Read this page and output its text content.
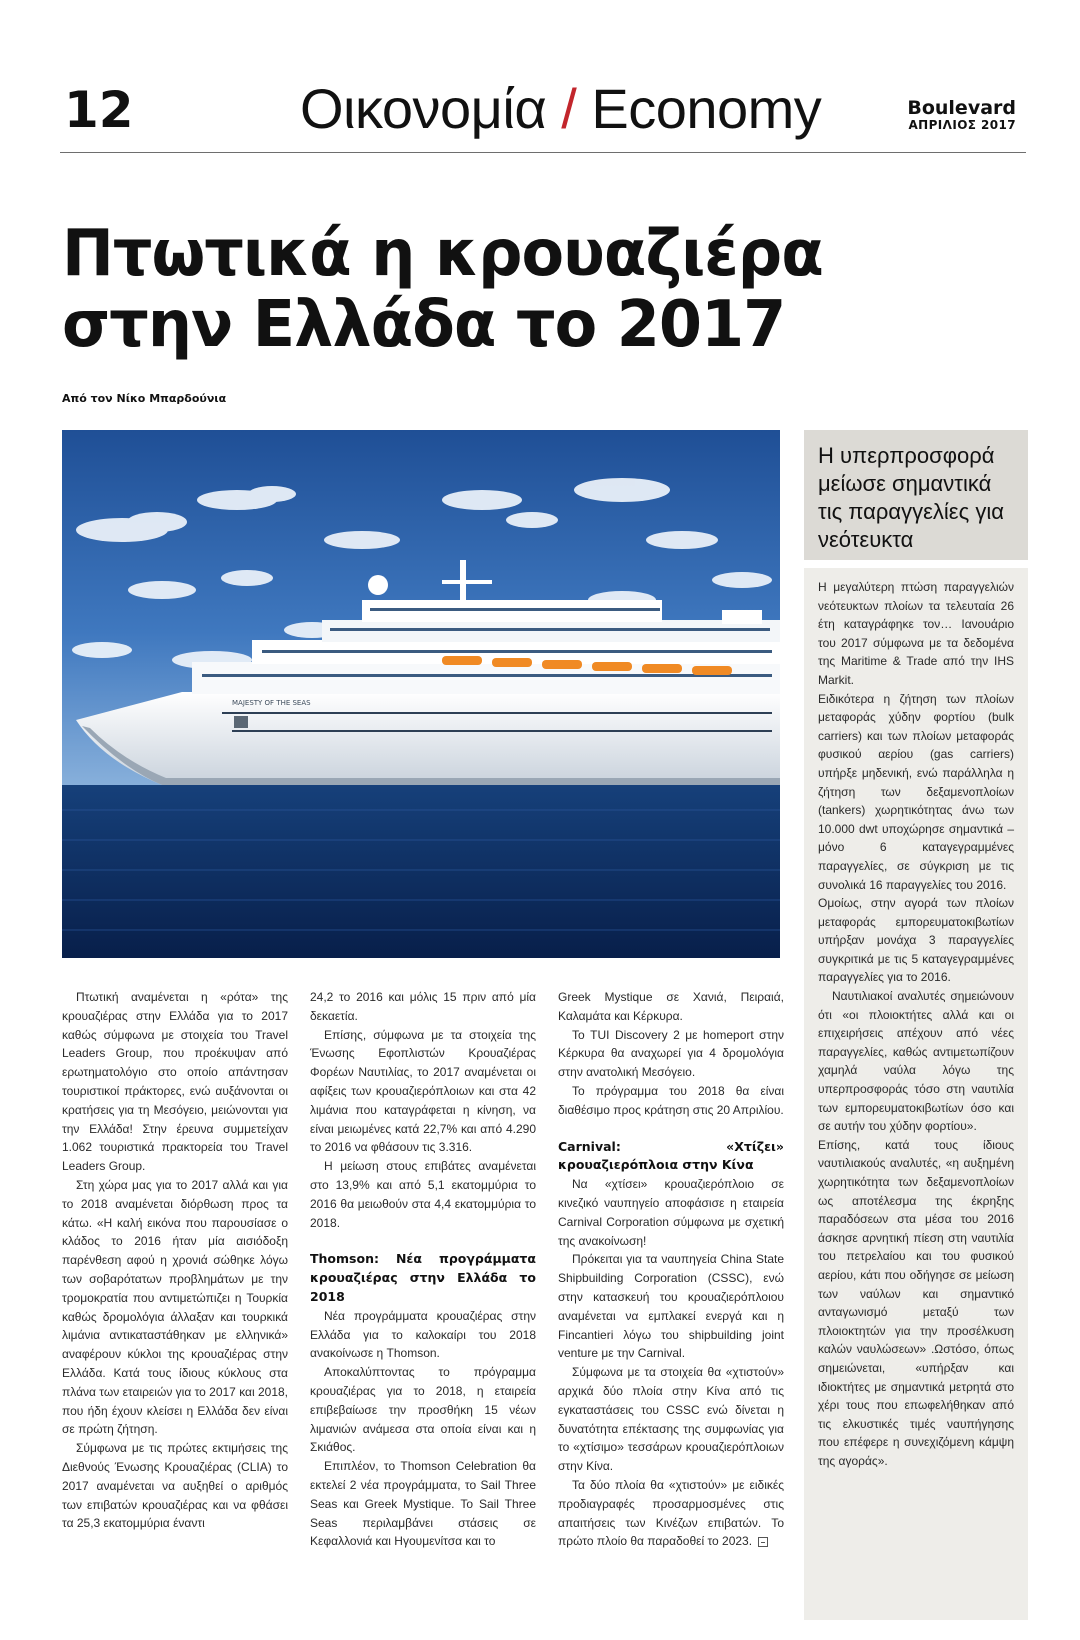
12	Οικονομία / Economy	Boulevard
ΑΠΡΙΛΙΟΣ 2017
Πτωτικά η κρουαζιέρα
στην Ελλάδα το 2017
Από τον Νίκο Μπαρδούνια
MAJESTY OF THE SEAS
Η υπερπροσφορά μείωσε σημαντικά τις παραγγελίες για νεότευκτα

Η μεγαλύτερη πτώση παραγγελιών νεότευκτων πλοίων τα τελευταία 26 έτη καταγράφηκε τον… Ιανουάριο του 2017 σύμφωνα με τα δεδομένα της Maritime & Trade από την IHS Markit.

Ειδικότερα η ζήτηση των πλοίων μεταφοράς χύδην φορτίου (bulk carriers) και των πλοίων μεταφοράς φυσικού αερίου (gas carriers) υπήρξε μηδενική, ενώ παράλληλα η ζήτηση των δεξαμενοπλοίων (tankers) χωρητικότητας άνω των 10.000 dwt υποχώρησε σημαντικά – μόνο 6 καταγεγραμμένες παραγγελίες, σε σύγκριση με τις συνολικά 16 παραγγελίες του 2016.

Ομοίως, στην αγορά των πλοίων μεταφοράς εμπορευματοκιβωτίων υπήρξαν μονάχα 3 παραγγελίες συγκριτικά με τις 5 καταγεγραμμένες παραγγελίες για το 2016.

Ναυτιλιακοί αναλυτές σημειώνουν ότι «οι πλοιοκτήτες αλλά και οι επιχειρήσεις απέχουν από νέες παραγγελίες, καθώς αντιμετωπίζουν χαμηλά ναύλα λόγω της υπερπροσφοράς τόσο στη ναυτιλία των εμπορευματοκιβωτίων όσο και σε αυτήν του χύδην φορτίου».

Επίσης, κατά τους ίδιους ναυτιλιακούς αναλυτές, «η αυξημένη χωρητικότητα των δεξαμενοπλοίων ως αποτέλεσμα της έκρηξης παραδόσεων στα μέσα του 2016 άσκησε αρνητική πίεση στη ναυτιλία του πετρελαίου και του φυσικού αερίου, κάτι που οδήγησε σε μείωση των ναύλων και σημαντικό ανταγωνισμό μεταξύ των πλοιοκτητών για την προσέλκυση καλών ναυλώσεων» .Ωστόσο, όπως σημειώνεται, «υπήρξαν και ιδιοκτήτες με σημαντικά μετρητά στο χέρι τους που επωφελήθηκαν από τις ελκυστικές τιμές ναυπήγησης που επέφερε η συνεχιζόμενη κάμψη της αγοράς».

Πτωτική αναμένεται η «ρότα» της κρουαζιέρας στην Ελλάδα για το 2017 καθώς σύμφωνα με στοιχεία του Travel Leaders Group, που προέκυψαν από ερωτηματολόγιο στο οποίο απάντησαν τουριστικοί πράκτορες, ενώ αυξάνονται οι κρατήσεις για τη Μεσόγειο, μειώνονται για την Ελλάδα! Στην έρευνα συμμετείχαν 1.062 τουριστικά πρακτορεία του Travel Leaders Group.

Στη χώρα μας για το 2017 αλλά και για το 2018 αναμένεται διόρθωση προς τα κάτω. «Η καλή εικόνα που παρουσίασε ο κλάδος το 2016 ήταν μία αισιόδοξη παρένθεση αφού η χρονιά σώθηκε λόγω των σοβαρότατων προβλημάτων με την τρομοκρατία που αντιμετώπιζει η Τουρκία καθώς δρομολόγια άλλαξαν και τουρκικά λιμάνια αντικαταστάθηκαν με ελληνικά» αναφέρουν κύκλοι της κρουαζιέρας στην Ελλάδα. Κατά τους ίδιους κύκλους στα πλάνα των εταιρειών για το 2017 και 2018, που ήδη έχουν κλείσει η Ελλάδα δεν είναι σε πρώτη ζήτηση.

Σύμφωνα με τις πρώτες εκτιμήσεις της Διεθνούς Ένωσης Κρουαζιέρας (CLIA) το 2017 αναμένεται να αυξηθεί ο αριθμός των επιβατών κρουαζιέρας και να φθάσει τα 25,3 εκατομμύρια έναντι

24,2 το 2016 και μόλις 15 πριν από μία δεκαετία.

Επίσης, σύμφωνα με τα στοιχεία της Ένωσης Εφοπλιστών Κρουαζιέρας Φορέων Ναυτιλίας, το 2017 αναμένεται οι αφίξεις των κρουαζιερόπλοιων και στα 42 λιμάνια που καταγράφεται η κίνηση, να είναι μειωμένες κατά 22,7% και από 4.290 το 2016 να φθάσουν τις 3.316.

Η μείωση στους επιβάτες αναμένεται στο 13,9% και από 5,1 εκατομμύρια το 2016 θα μειωθούν στα 4,4 εκατομμύρια το 2018.

Thomson: Νέα προγράμματα κρουαζιέρας στην Ελλάδα το 2018

Νέα προγράμματα κρουαζιέρας στην Ελλάδα για το καλοκαίρι του 2018 ανακοίνωσε η Thomson.

Αποκαλύπτοντας το πρόγραμμα κρουαζιέρας για το 2018, η εταιρεία επιβεβαίωσε την προσθήκη 15 νέων λιμανιών ανάμεσα στα οποία είναι και η Σκιάθος.

Επιπλέον, το Thomson Celebration θα εκτελεί 2 νέα προγράμματα, το Sail Three Seas και Greek Mystique. Το Sail Three Seas περιλαμβάνει στάσεις σε Κεφαλλονιά και Ηγουμενίτσα και το

Greek Mystique σε Χανιά, Πειραιά, Καλαμάτα και Κέρκυρα.

Το TUI Discovery 2 με homeport στην Κέρκυρα θα αναχωρεί για 4 δρομολόγια στην ανατολική Μεσόγειο.

Το πρόγραμμα του 2018 θα είναι διαθέσιμο προς κράτηση στις 20 Απριλίου.

Carnival: «Χτίζει» κρουαζιερόπλοια στην Κίνα

Να «χτίσει» κρουαζιερόπλοιο σε κινεζικό ναυπηγείο αποφάσισε η εταιρεία Carnival Corporation σύμφωνα με σχετική της ανακοίνωση!

Πρόκειται για τα ναυπηγεία China State Shipbuilding Corporation (CSSC), ενώ στην κατασκευή του κρουαζιερόπλοιου αναμένεται να εμπλακεί ενεργά και η Fincantieri λόγω του shipbuilding joint venture με την Carnival.

Σύμφωνα με τα στοιχεία θα «χτιστούν» αρχικά δύο πλοία στην Κίνα από τις εγκαταστάσεις του CSSC ενώ δίνεται η δυνατότητα επέκτασης της συμφωνίας για το «χτίσιμο» τεσσάρων κρουαζιερόπλοιων στην Κίνα.

Τα δύο πλοία θα «χτιστούν» με ειδικές προδιαγραφές προσαρμοσμένες στις απαιτήσεις των Κινέζων επιβατών. Το πρώτο πλοίο θα παραδοθεί το 2023.
